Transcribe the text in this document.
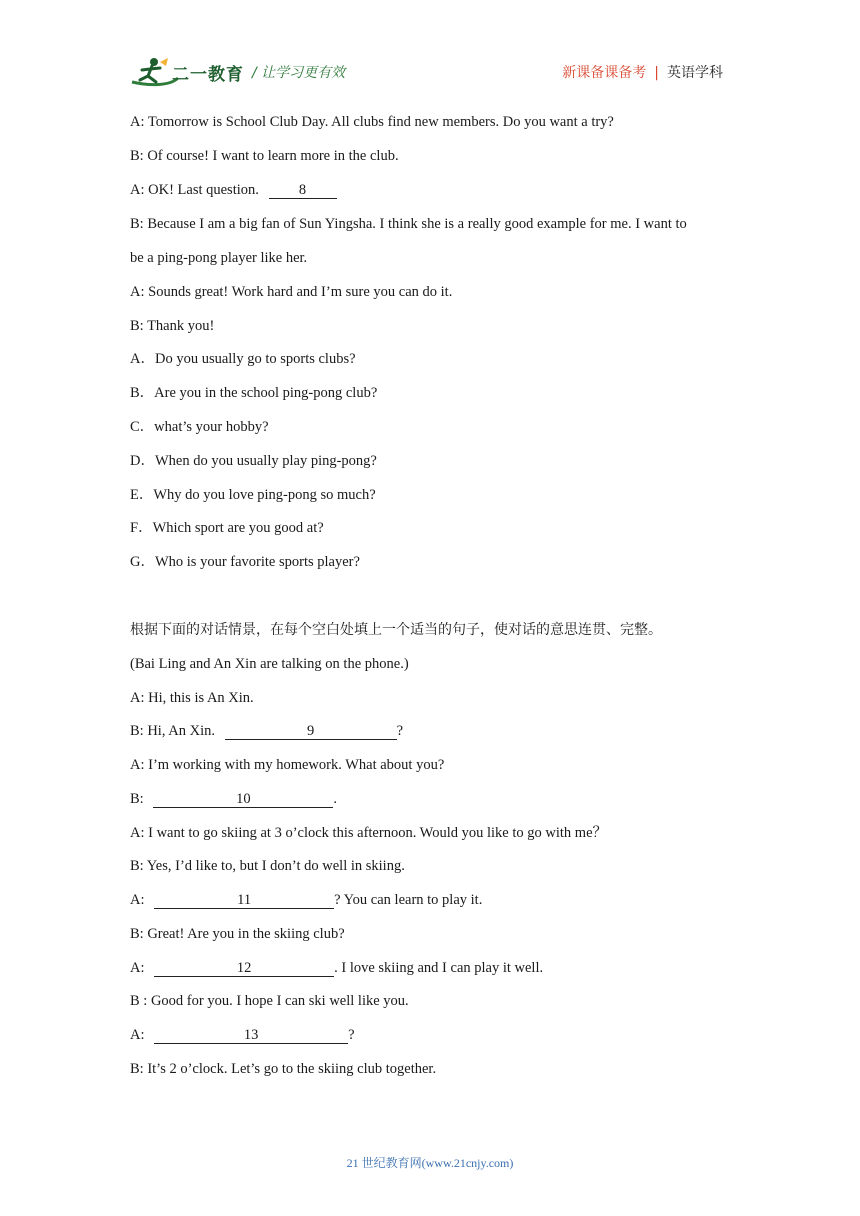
二一教育 / 让学习更有效	新课备课备考 | 英语学科
A: Tomorrow is School Club Day. All clubs find new members. Do you want a try?
B: Of course! I want to learn more in the club.
A: OK! Last question.	8
B: Because I am a big fan of Sun Yingsha. I think she is a really good example for me. I want to
be a ping-pong player like her.
A: Sounds great! Work hard and I’m sure you can do it.
B: Thank you!
A．Do you usually go to sports clubs?
B．Are you in the school ping-pong club?
C．what’s your hobby?
D．When do you usually play ping-pong?
E．Why do you love ping-pong so much?
F．Which sport are you good at?
G．Who is your favorite sports player?
根据下面的对话情景，在每个空白处填上一个适当的句子，使对话的意思连贯、完整。
(Bai Ling and An Xin are talking on the phone.)
A: Hi, this is An Xin.
B: Hi, An Xin.	9	?
A: I’m working with my homework. What about you?
B:	10	.
A: I want to go skiing at 3 o’clock this afternoon. Would you like to go with me？
B: Yes, I’d like to, but I don’t do well in skiing.
A:	11	? You can learn to play it.
B: Great! Are you in the skiing club?
A:	12	. I love skiing and I can play it well.
B : Good for you. I hope I can ski well like you.
A:	13	?
B: It’s 2 o’clock. Let’s go to the skiing club together.
21 世纪教育网(www.21cnjy.com)
